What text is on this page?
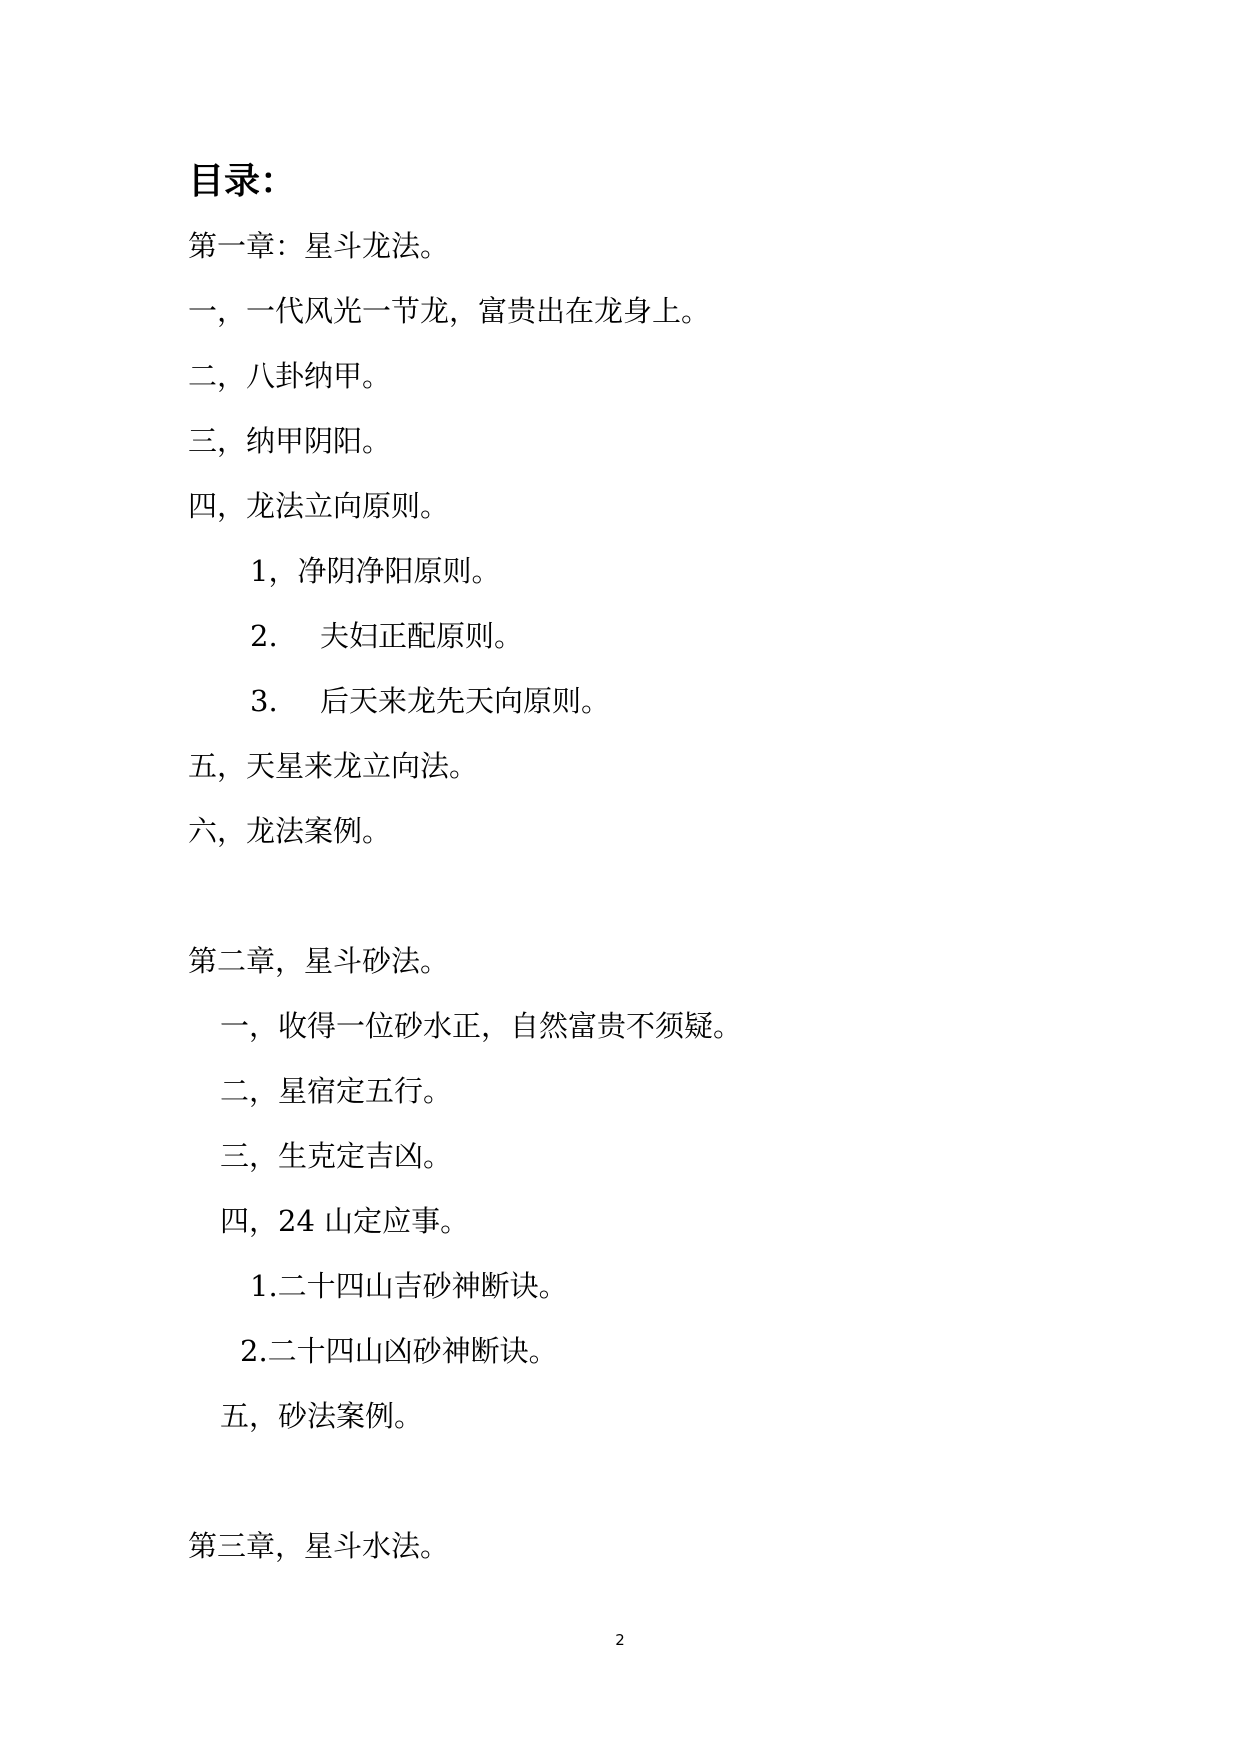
目录：
第一章：星斗龙法。
一，一代风光一节龙，富贵出在龙身上。
二，八卦纳甲。
三，纳甲阴阳。
四，龙法立向原则。
1，净阴净阳原则。
2. 夫妇正配原则。
3. 后天来龙先天向原则。
五，天星来龙立向法。
六，龙法案例。
第二章，星斗砂法。
一，收得一位砂水正，自然富贵不须疑。
二，星宿定五行。
三，生克定吉凶。
四，24 山定应事。
1.二十四山吉砂神断诀。
2.二十四山凶砂神断诀。
五，砂法案例。
第三章，星斗水法。
2
